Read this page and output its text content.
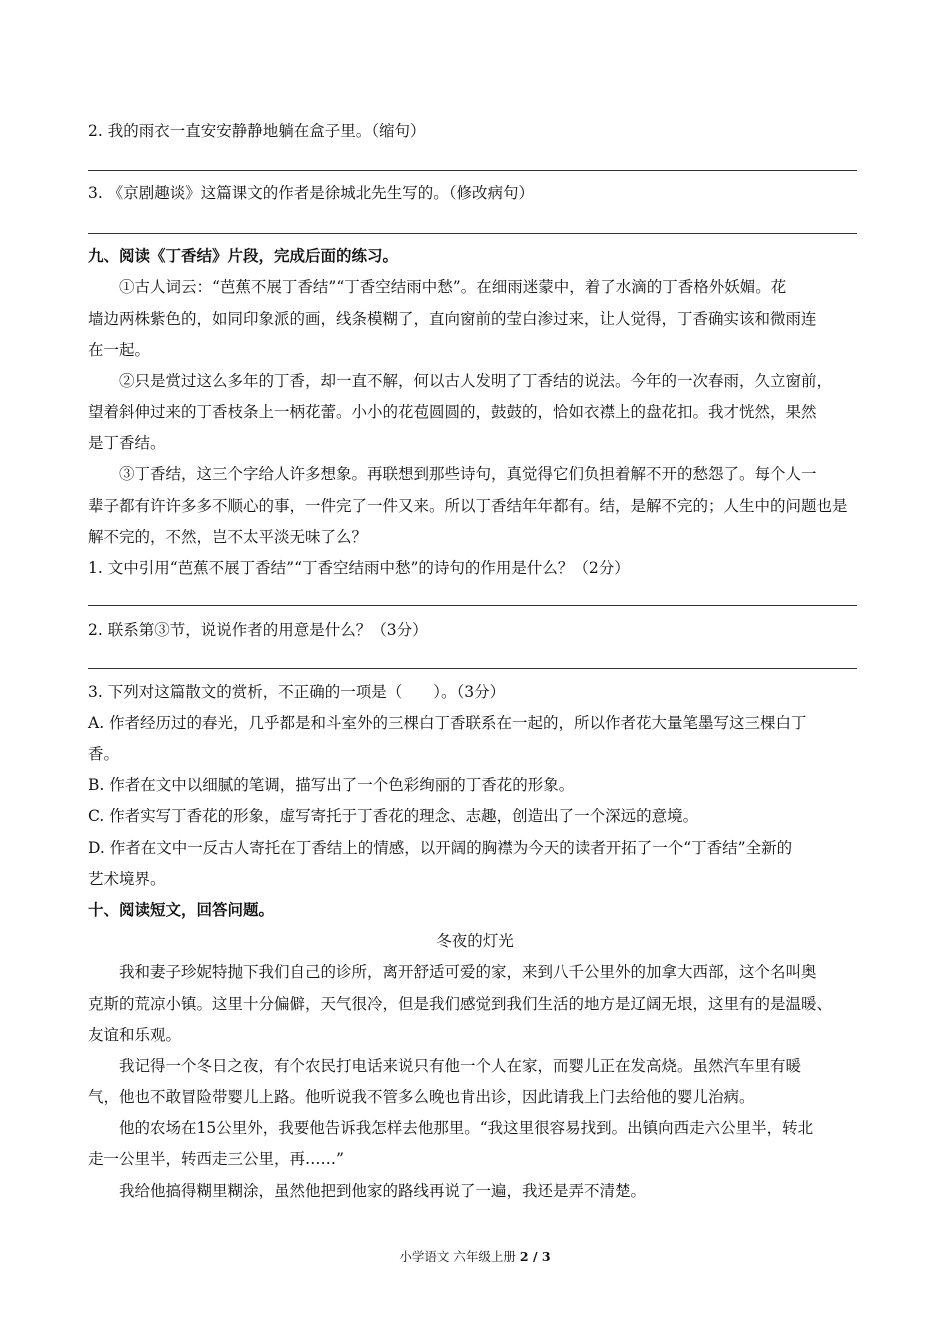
2. 我的雨衣一直安安静静地躺在盒子里。（缩句）
3. 《京剧趣谈》这篇课文的作者是徐城北先生写的。（修改病句）
九、阅读《丁香结》片段，完成后面的练习。
①古人词云：“芭蕉不展丁香结”“丁香空结雨中愁”。在细雨迷蒙中，着了水滴的丁香格外妖媚。花
墙边两株紫色的，如同印象派的画，线条模糊了，直向窗前的莹白渗过来，让人觉得，丁香确实该和微雨连
在一起。
②只是赏过这么多年的丁香，却一直不解，何以古人发明了丁香结的说法。今年的一次春雨，久立窗前，
望着斜伸过来的丁香枝条上一柄花蕾。小小的花苞圆圆的，鼓鼓的，恰如衣襟上的盘花扣。我才恍然，果然
是丁香结。
③丁香结，这三个字给人许多想象。再联想到那些诗句，真觉得它们负担着解不开的愁怨了。每个人一
辈子都有许许多多不顺心的事，一件完了一件又来。所以丁香结年年都有。结，是解不完的；人生中的问题也是
解不完的，不然，岂不太平淡无味了么？
1. 文中引用“芭蕉不展丁香结”“丁香空结雨中愁”的诗句的作用是什么？（2分）
2. 联系第③节，说说作者的用意是什么？（3分）
3. 下列对这篇散文的赏析，不正确的一项是（　　）。（3分）
A. 作者经历过的春光，几乎都是和斗室外的三棵白丁香联系在一起的，所以作者花大量笔墨写这三棵白丁
香。
B. 作者在文中以细腻的笔调，描写出了一个色彩绚丽的丁香花的形象。
C. 作者实写丁香花的形象，虚写寄托于丁香花的理念、志趣，创造出了一个深远的意境。
D. 作者在文中一反古人寄托在丁香结上的情感，以开阔的胸襟为今天的读者开拓了一个“丁香结”全新的
艺术境界。
十、阅读短文，回答问题。
冬夜的灯光
我和妻子珍妮特抛下我们自己的诊所，离开舒适可爱的家，来到八千公里外的加拿大西部，这个名叫奥
克斯的荒凉小镇。这里十分偏僻，天气很冷，但是我们感觉到我们生活的地方是辽阔无垠，这里有的是温暖、
友谊和乐观。
我记得一个冬日之夜，有个农民打电话来说只有他一个人在家，而婴儿正在发高烧。虽然汽车里有暖
气，他也不敢冒险带婴儿上路。他听说我不管多么晚也肯出诊，因此请我上门去给他的婴儿治病。
他的农场在15公里外，我要他告诉我怎样去他那里。“我这里很容易找到。出镇向西走六公里半，转北
走一公里半，转西走三公里，再……”
我给他搞得糊里糊涂，虽然他把到他家的路线再说了一遍，我还是弄不清楚。
小学语文 六年级上册 2 / 3
